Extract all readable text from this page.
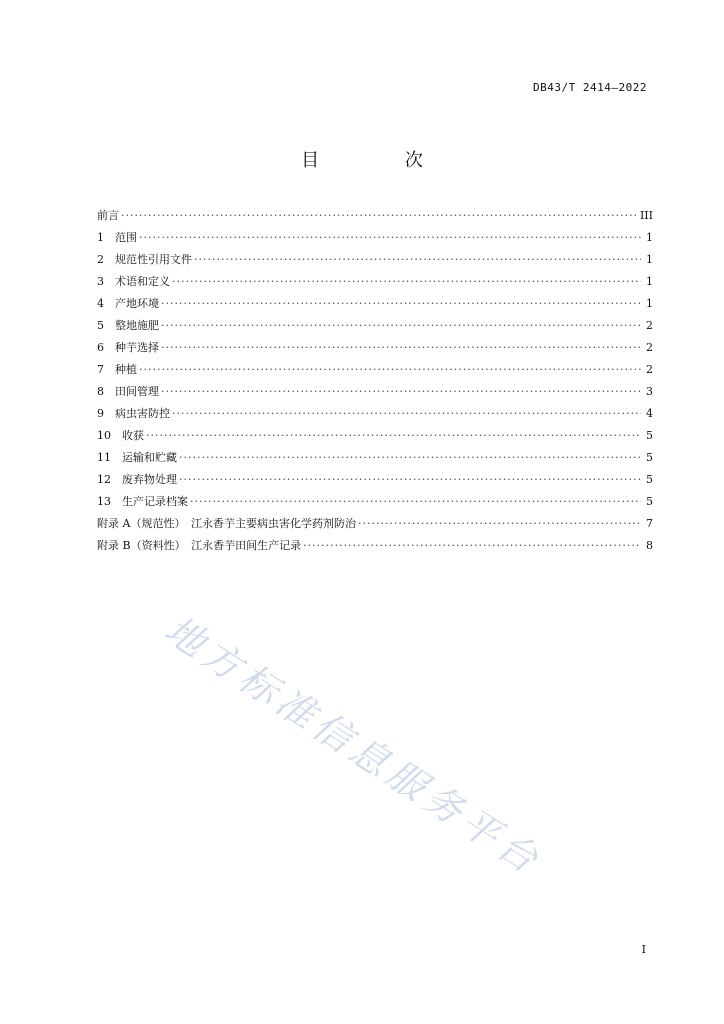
DB43/T 2414—2022
目 次
前言 ·····	III
1　范围 ·····	1
2　规范性引用文件 ·····	1
3　术语和定义 ·····	1
4　产地环境 ·····	1
5　整地施肥 ·····	2
6　种芋选择 ·····	2
7　种植 ·····	2
8　田间管理 ·····	3
9　病虫害防控 ·····	4
10　收获 ·····	5
11　运输和贮藏 ·····	5
12　废弃物处理 ·····	5
13　生产记录档案 ·····	5
附录 A（规范性）　江永香芋主要病虫害化学药剂防治 ·····	7
附录 B（资料性）　江永香芋田间生产记录 ·····	8
地方标准信息服务平台
I
